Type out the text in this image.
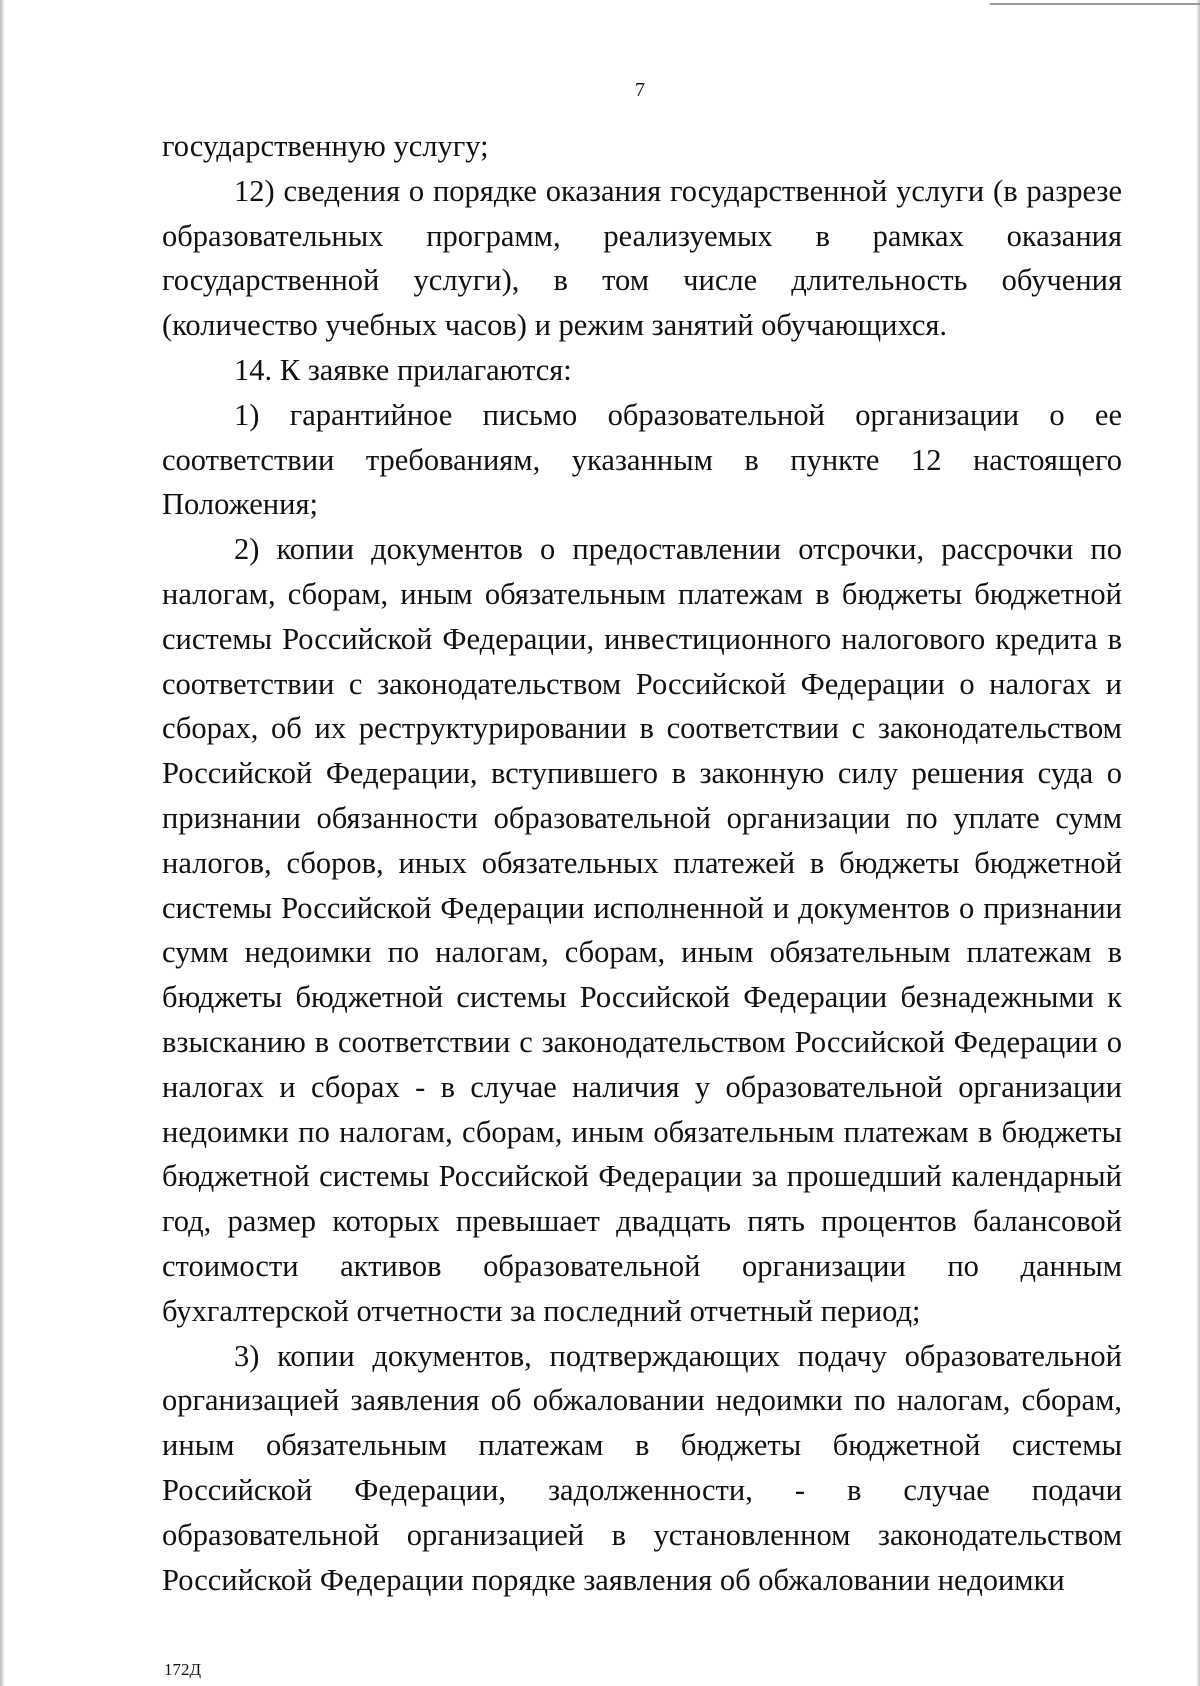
7

государственную услугу;

12) сведения о порядке оказания государственной услуги (в разрезе образовательных программ, реализуемых в рамках оказания государственной услуги), в том числе длительность обучения (количество учебных часов) и режим занятий обучающихся.

14. К заявке прилагаются:

1) гарантийное письмо образовательной организации о ее соответствии требованиям, указанным в пункте 12 настоящего Положения;

2) копии документов о предоставлении отсрочки, рассрочки по налогам, сборам, иным обязательным платежам в бюджеты бюджетной системы Российской Федерации, инвестиционного налогового кредита в соответствии с законодательством Российской Федерации о налогах и сборах, об их реструктурировании в соответствии с законодательством Российской Федерации, вступившего в законную силу решения суда о признании обязанности образовательной организации по уплате сумм налогов, сборов, иных обязательных платежей в бюджеты бюджетной системы Российской Федерации исполненной и документов о признании сумм недоимки по налогам, сборам, иным обязательным платежам в бюджеты бюджетной системы Российской Федерации безнадежными к взысканию в соответствии с законодательством Российской Федерации о налогах и сборах - в случае наличия у образовательной организации недоимки по налогам, сборам, иным обязательным платежам в бюджеты бюджетной системы Российской Федерации за прошедший календарный год, размер которых превышает двадцать пять процентов балансовой стоимости активов образовательной организации по данным бухгалтерской отчетности за последний отчетный период;

3) копии документов, подтверждающих подачу образовательной организацией заявления об обжаловании недоимки по налогам, сборам, иным обязательным платежам в бюджеты бюджетной системы Российской Федерации, задолженности, - в случае подачи образовательной организацией в установленном законодательством Российской Федерации порядке заявления об обжаловании недоимки

172Д
